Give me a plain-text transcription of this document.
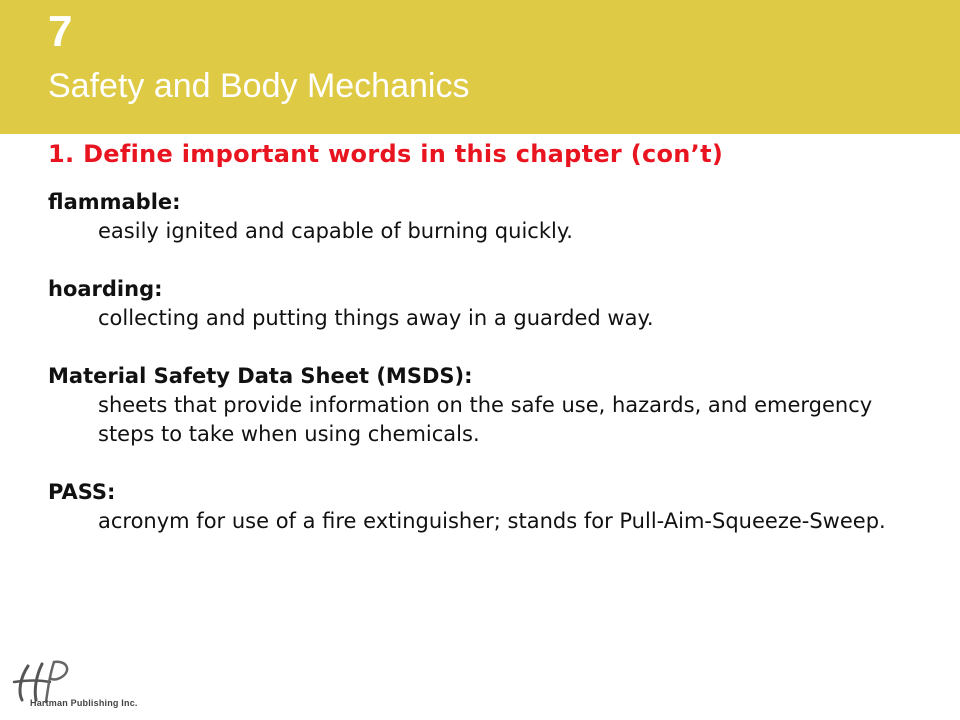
7
Safety and Body Mechanics
1. Define important words in this chapter (con’t)
flammable:
easily ignited and capable of burning quickly.
hoarding:
collecting and putting things away in a guarded way.
Material Safety Data Sheet (MSDS):
sheets that provide information on the safe use, hazards, and emergency steps to take when using chemicals.
PASS:
acronym for use of a fire extinguisher; stands for Pull-Aim-Squeeze-Sweep.
Hartman Publishing Inc.
